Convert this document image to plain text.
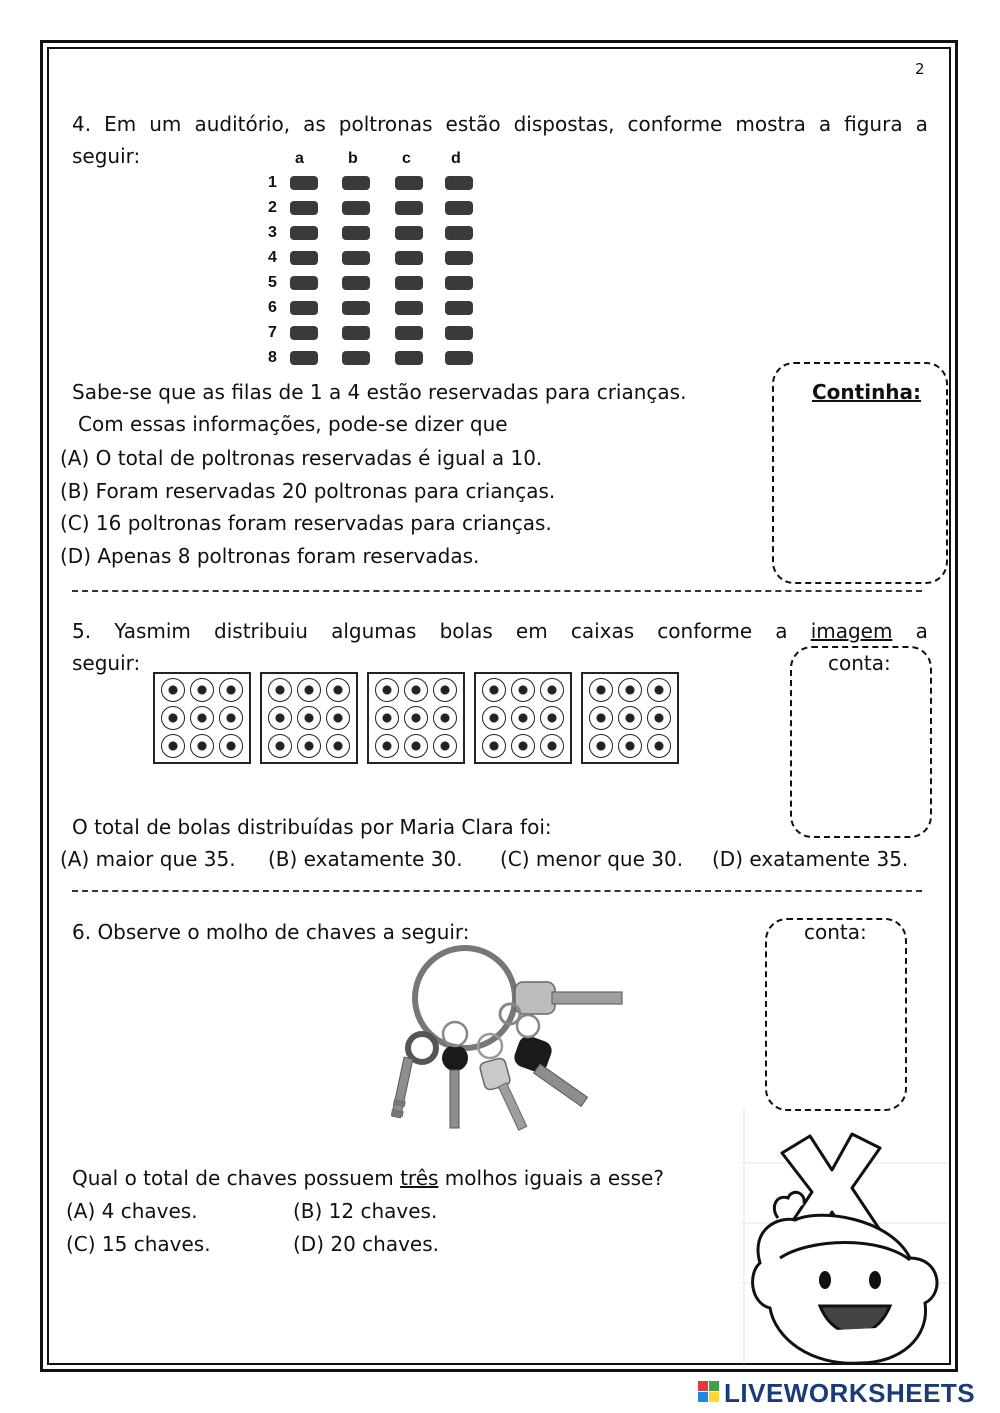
2
4. Em um auditório, as poltronas estão dispostas, conforme mostra a figura a
seguir:	a	b	c	d
1
2
3
4
5
6
7
8
Sabe-se que as filas de 1 a 4 estão reservadas para crianças.
Com essas informações, pode-se dizer que
(A) O total de poltronas reservadas é igual a 10.
(B) Foram reservadas 20 poltronas para crianças.
(C) 16 poltronas foram reservadas para crianças.
(D) Apenas 8 poltronas foram reservadas.
Continha:
5. Yasmim distribuiu algumas bolas em caixas conforme a imagem a
seguir:	conta:
O total de bolas distribuídas por Maria Clara foi:
(A) maior que 35. (B) exatamente 30. (C) menor que 30. (D) exatamente 35.
6. Observe o molho de chaves a seguir:	conta:
Qual o total de chaves possuem três molhos iguais a esse?
(A) 4 chaves.	(B) 12 chaves.
(C) 15 chaves.	(D) 20 chaves.
LIVEWORKSHEETS
